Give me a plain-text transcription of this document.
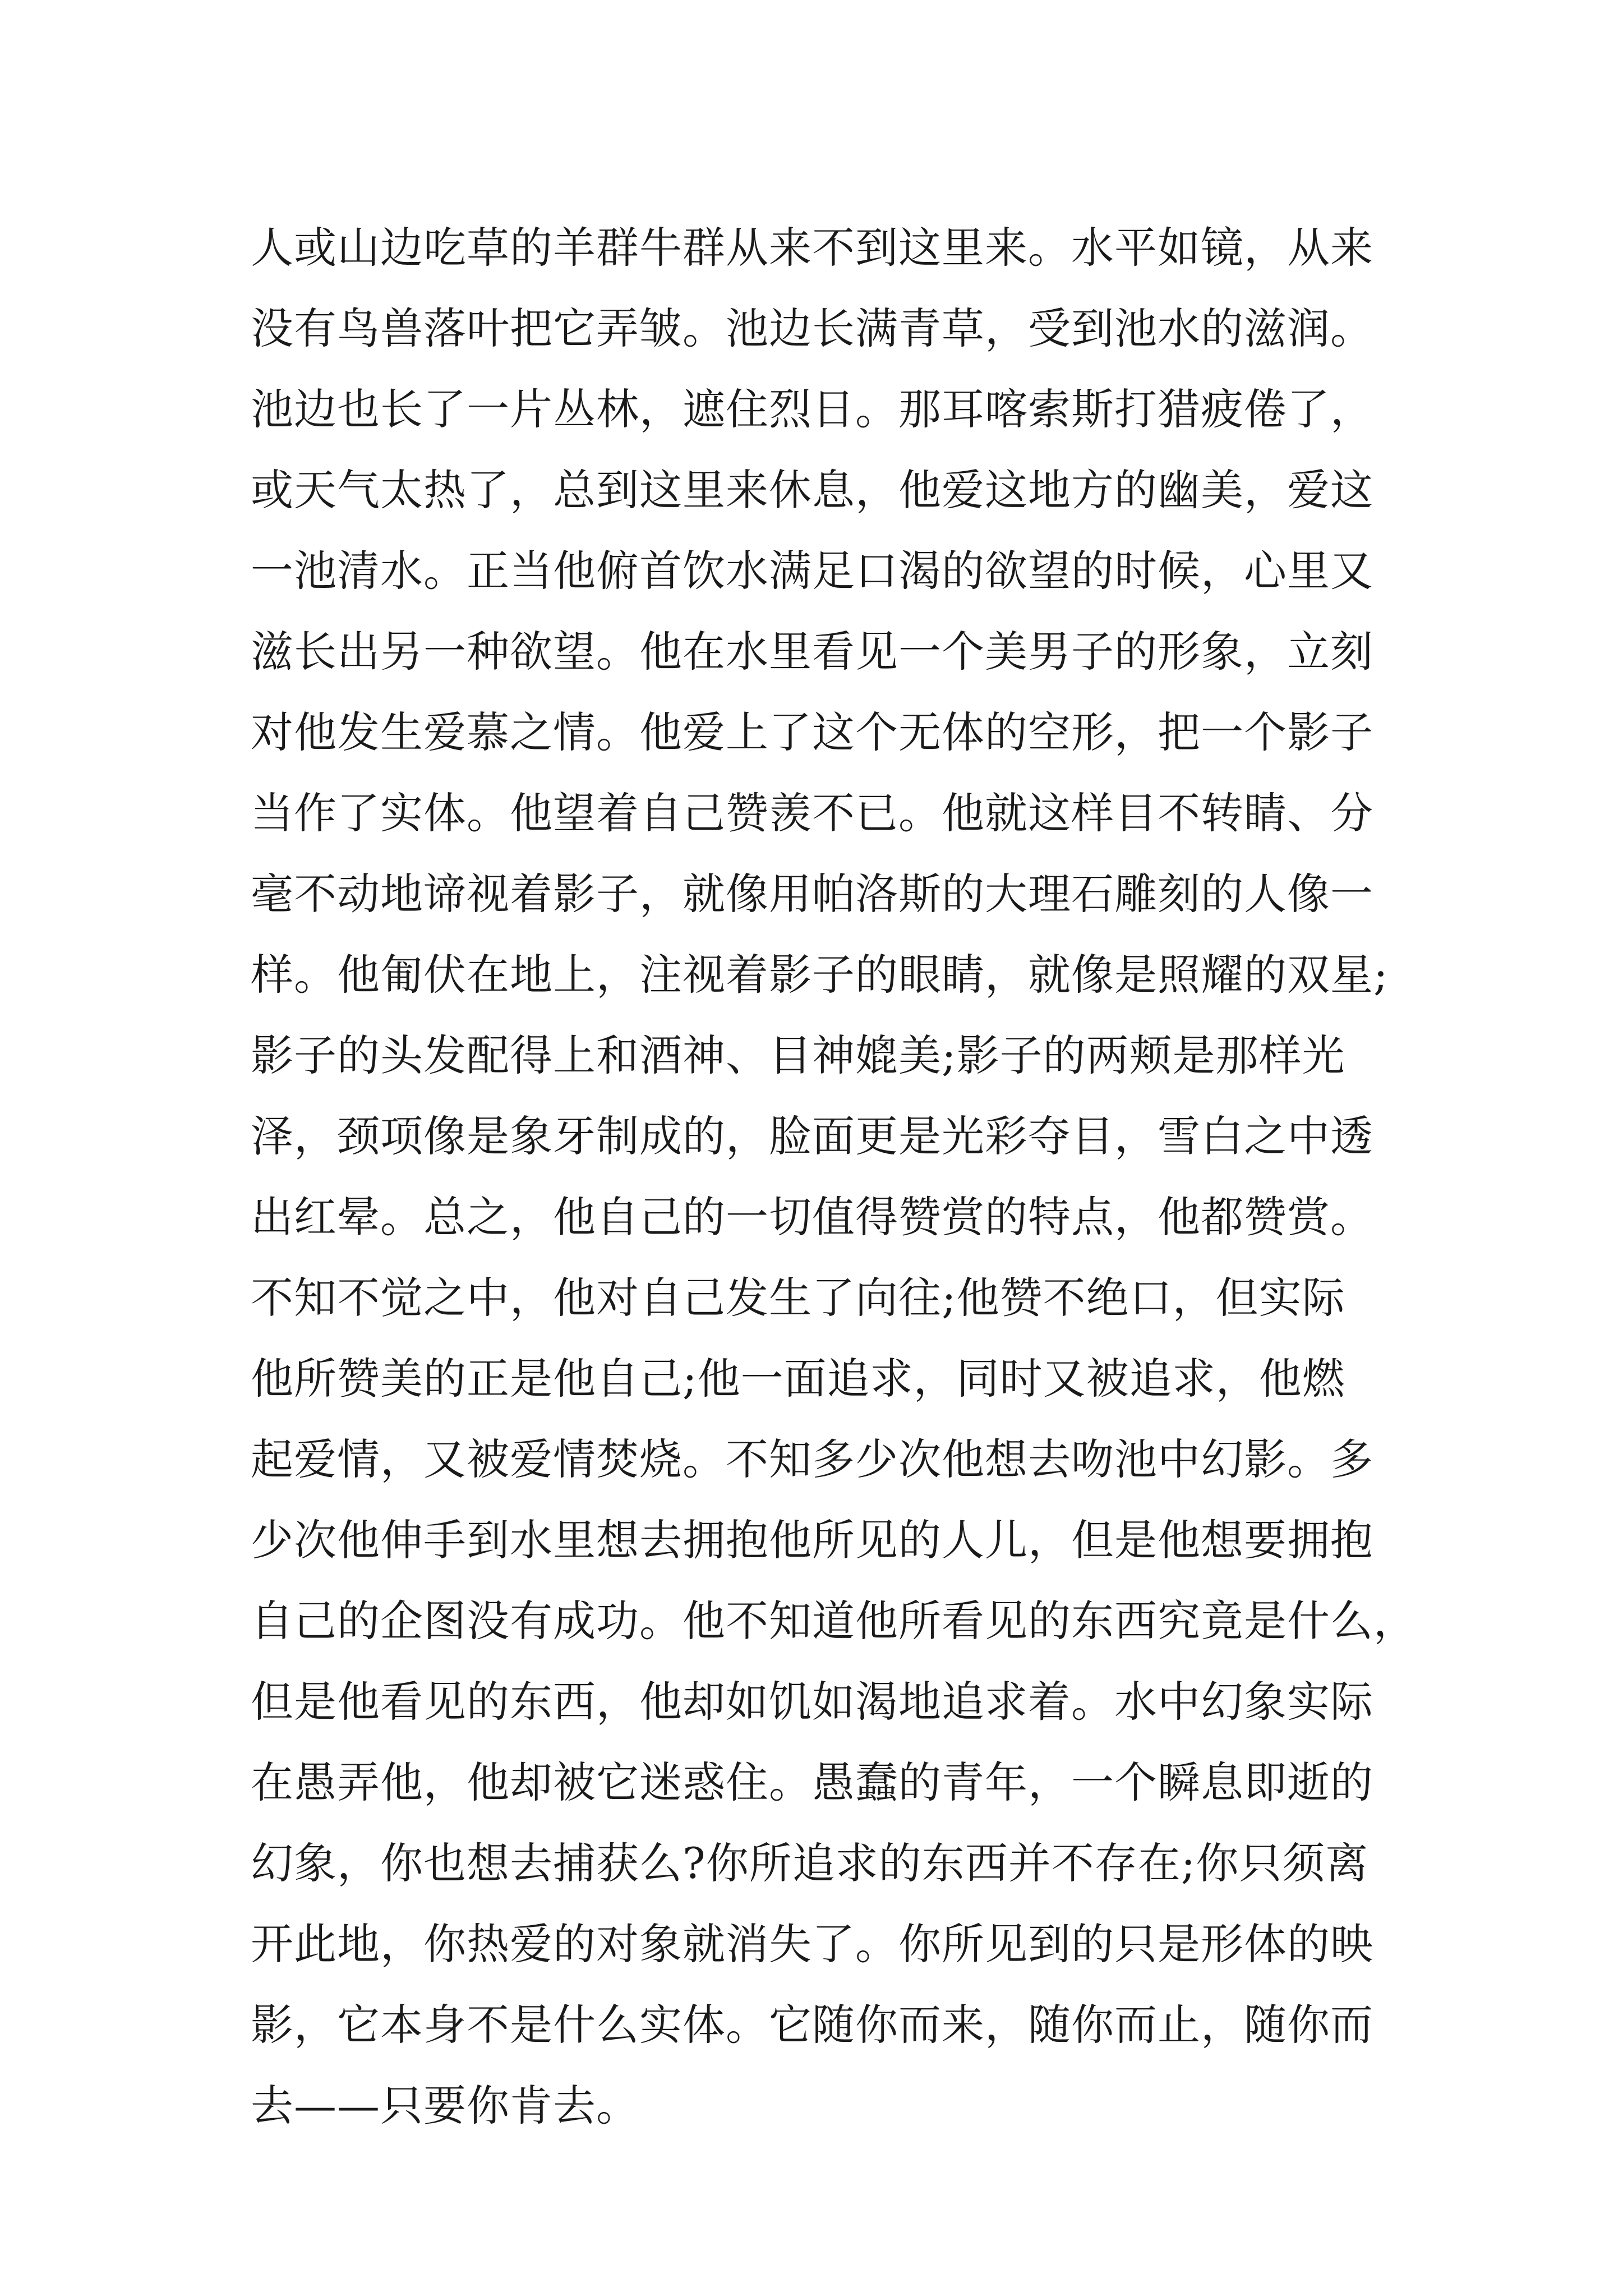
人或山边吃草的羊群牛群从来不到这里来。水平如镜，从来
没有鸟兽落叶把它弄皱。池边长满青草，受到池水的滋润。
池边也长了一片丛林，遮住烈日。那耳喀索斯打猎疲倦了，
或天气太热了，总到这里来休息，他爱这地方的幽美，爱这
一池清水。正当他俯首饮水满足口渴的欲望的时候，心里又
滋长出另一种欲望。他在水里看见一个美男子的形象，立刻
对他发生爱慕之情。他爱上了这个无体的空形，把一个影子
当作了实体。他望着自己赞羡不已。他就这样目不转睛、分
毫不动地谛视着影子，就像用帕洛斯的大理石雕刻的人像一
样。他匍伏在地上，注视着影子的眼睛，就像是照耀的双星;
影子的头发配得上和酒神、目神媲美;影子的两颊是那样光
泽，颈项像是象牙制成的，脸面更是光彩夺目，雪白之中透
出红晕。总之，他自己的一切值得赞赏的特点，他都赞赏。
不知不觉之中，他对自己发生了向往;他赞不绝口，但实际
他所赞美的正是他自己;他一面追求，同时又被追求，他燃
起爱情，又被爱情焚烧。不知多少次他想去吻池中幻影。多
少次他伸手到水里想去拥抱他所见的人儿，但是他想要拥抱
自己的企图没有成功。他不知道他所看见的东西究竟是什么，
但是他看见的东西，他却如饥如渴地追求着。水中幻象实际
在愚弄他，他却被它迷惑住。愚蠢的青年，一个瞬息即逝的
幻象，你也想去捕获么?你所追求的东西并不存在;你只须离
开此地，你热爱的对象就消失了。你所见到的只是形体的映
影，它本身不是什么实体。它随你而来，随你而止，随你而
去——只要你肯去。
